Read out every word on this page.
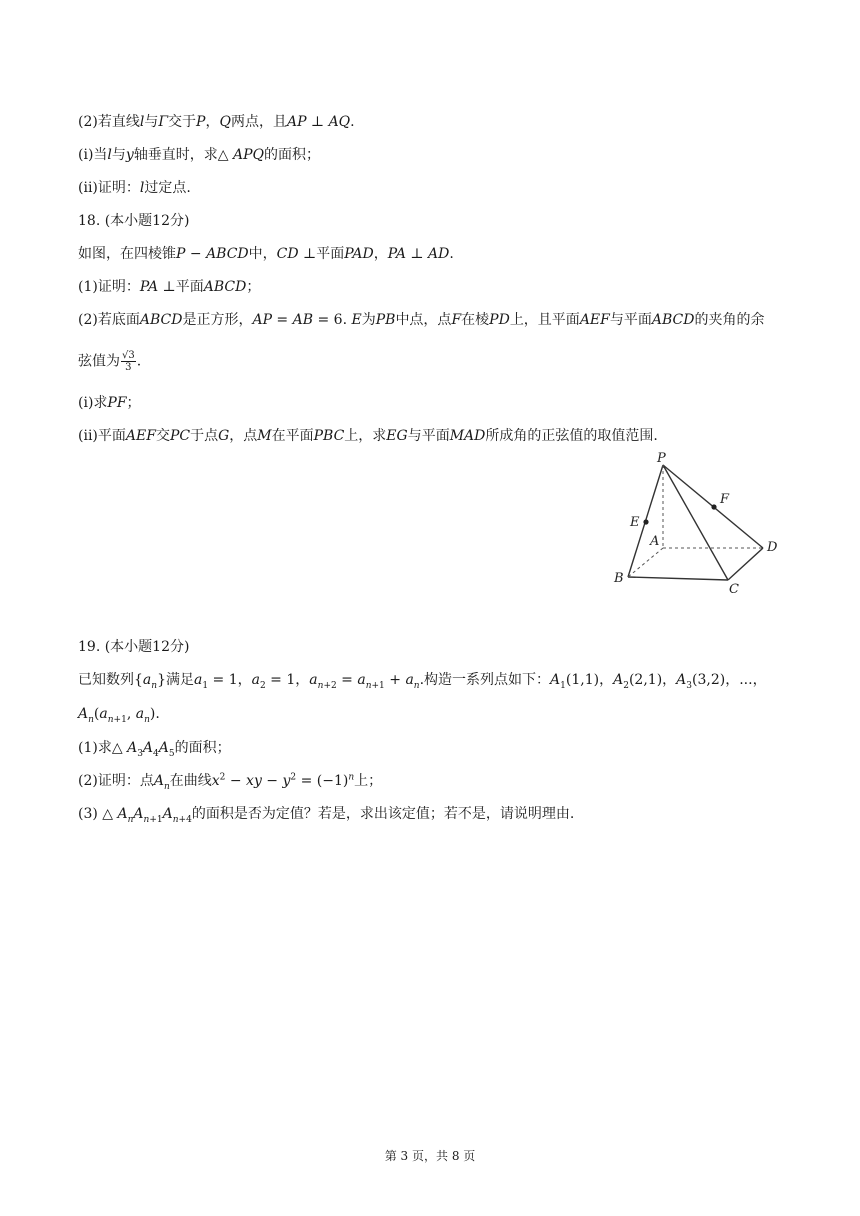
(2)若直线l与Γ交于P，Q两点，且AP ⊥ AQ.
(i)当l与y轴垂直时，求△ APQ的面积；
(ii)证明：l过定点.
18. (本小题12分)
如图，在四棱锥P − ABCD中，CD ⊥平面PAD，PA ⊥ AD.
(1)证明：PA ⊥平面ABCD；
(2)若底面ABCD是正方形，AP = AB = 6. E为PB中点，点F在棱PD上，且平面AEF与平面ABCD的夹角的余
弦值为 $\frac{√3}{3}$ .
(i)求PF；
(ii)平面AEF交PC于点G，点M在平面PBC上，求EG与平面MAD所成角的正弦值的取值范围.
P
F
E
A	D
B
C
19. (本小题12分)
已知数列$\{a_n\}$满足$a_1 = 1$，$a_2 = 1$，$a_{n+2} = a_{n+1} + a_n$.构造一系列点如下：$A_1(1,1)$，$A_2(2,1)$，$A_3(3,2)$，...，
$A_n(a_{n+1}$, $a_n$).
(1)求△ $A_3A_4A_5$的面积；
(2)证明：点$A_n$在曲线$x^2$ − xy − $y^2 = (-1)^n$上；
(3) △ $A_nA_{n+1}A_{n+4}$的面积是否为定值？若是，求出该定值；若不是，请说明理由.
第 3 页，共 8 页
